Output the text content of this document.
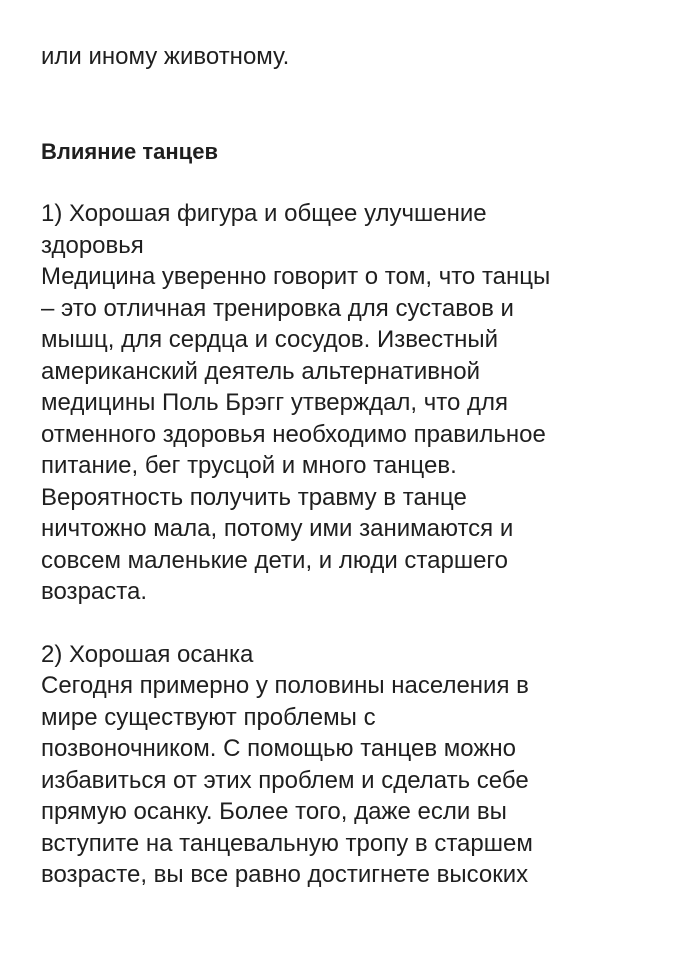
или иному животному.
Влияние танцев
1) Хорошая фигура и общее улучшение
здоровья
Медицина уверенно говорит о том, что танцы
– это отличная тренировка для суставов и
мышц, для сердца и сосудов. Известный
американский деятель альтернативной
медицины Поль Брэгг утверждал, что для
отменного здоровья необходимо правильное
питание, бег трусцой и много танцев.
Вероятность получить травму в танце
ничтожно мала, потому ими занимаются и
совсем маленькие дети, и люди старшего
возраста.
2) Хорошая осанка
Сегодня примерно у половины населения в
мире существуют проблемы с
позвоночником. С помощью танцев можно
избавиться от этих проблем и сделать себе
прямую осанку. Более того, даже если вы
вступите на танцевальную тропу в старшем
возрасте, вы все равно достигнете высоких
